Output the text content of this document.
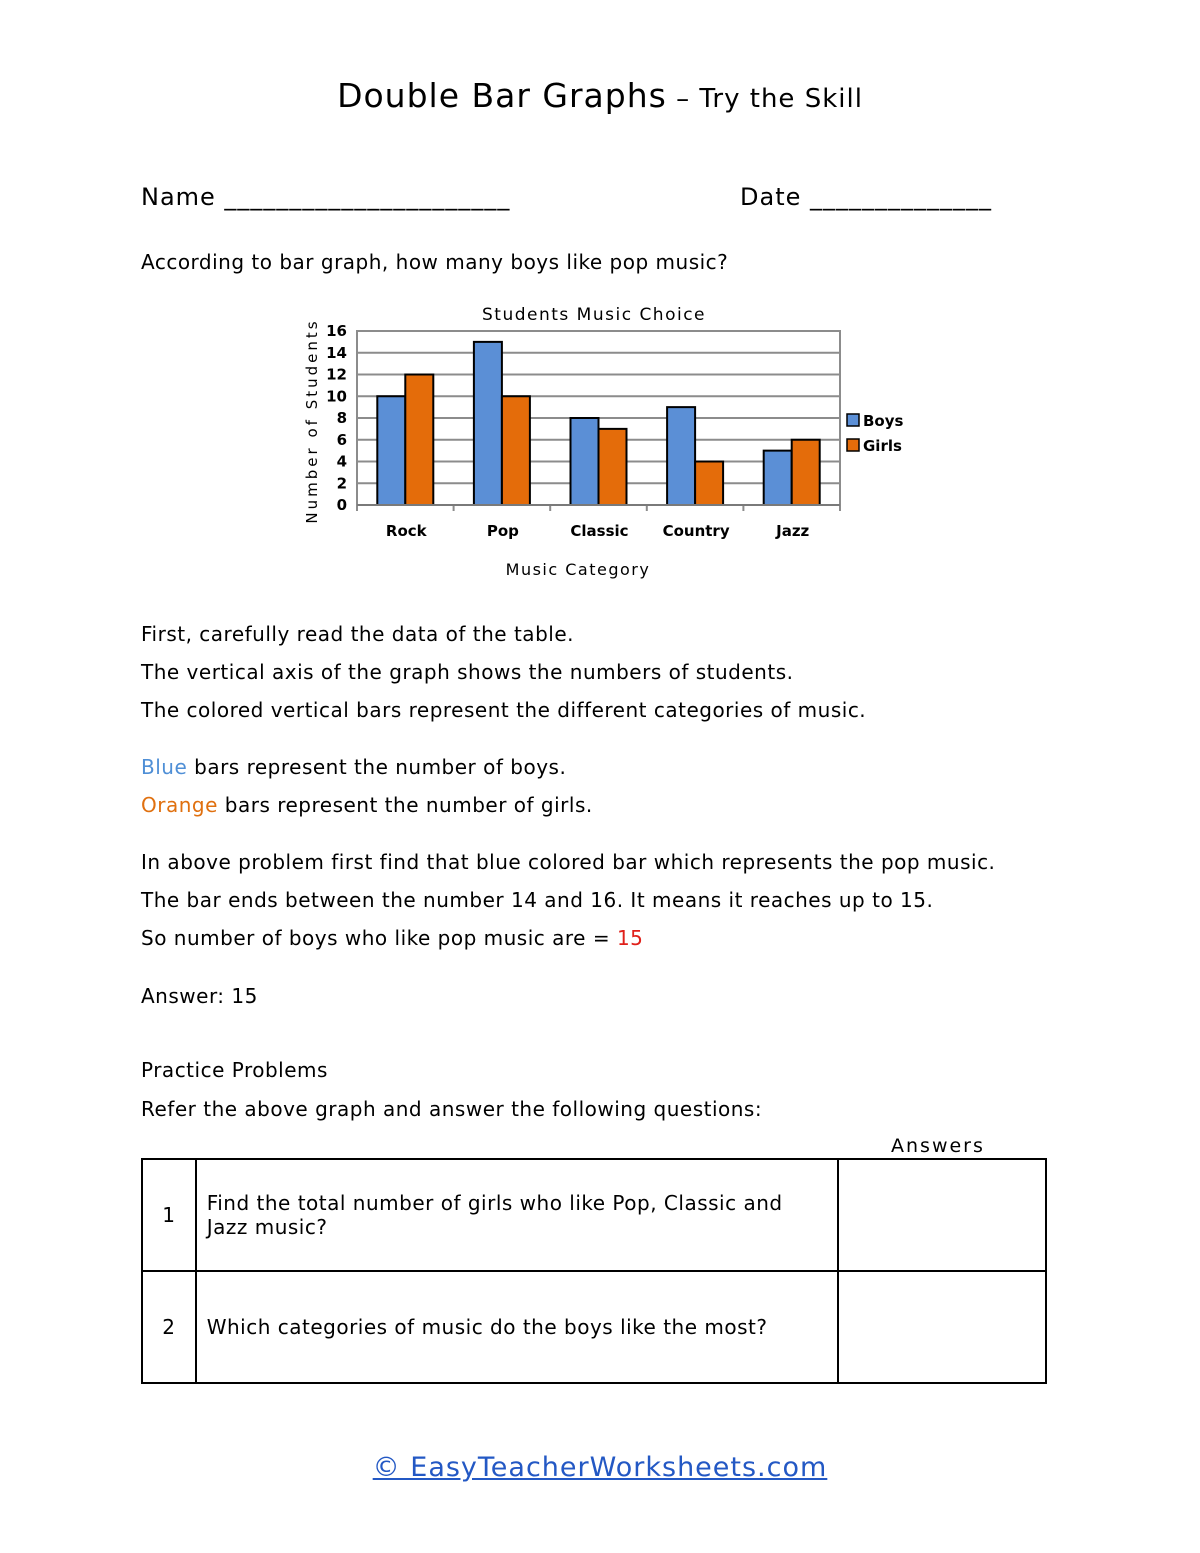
Double Bar Graphs – Try the Skill
Name ______________________	Date ______________
According to bar graph, how many boys like pop music?
Students Music Choice
0
2
4
6
8
10
12
14
16
Rock	Pop	Classic Country	Jazz
Number of Students
Music Category
Boys
Girls
First, carefully read the data of the table.
The vertical axis of the graph shows the numbers of students.
The colored vertical bars represent the different categories of music.
Blue bars represent the number of boys.
Orange bars represent the number of girls.
In above problem first find that blue colored bar which represents the pop music.
The bar ends between the number 14 and 16. It means it reaches up to 15.
So number of boys who like pop music are = 15
Answer: 15
Practice Problems
Refer the above graph and answer the following questions:
Answers
1	Find the total number of girls who like Pop, Classic and Jazz music?	
2	Which categories of music do the boys like the most?	
© EasyTeacherWorksheets.com
